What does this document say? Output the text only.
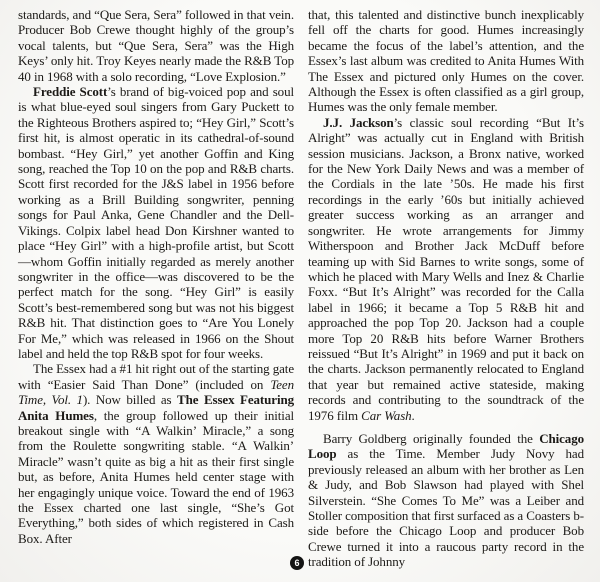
standards, and “Que Sera, Sera” followed in that vein. Producer Bob Crewe thought highly of the group’s vocal talents, but “Que Sera, Sera” was the High Keys’ only hit. Troy Keyes nearly made the R&B Top 40 in 1968 with a solo recording, “Love Explosion.”

Freddie Scott’s brand of big-voiced pop and soul is what blue-eyed soul singers from Gary Puckett to the Righteous Brothers aspired to; “Hey Girl,” Scott’s first hit, is almost operatic in its cathedral-of-sound bombast. “Hey Girl,” yet another Goffin and King song, reached the Top 10 on the pop and R&B charts. Scott first recorded for the J&S label in 1956 before working as a Brill Building songwriter, penning songs for Paul Anka, Gene Chandler and the Dell-Vikings. Colpix label head Don Kirshner wanted to place “Hey Girl” with a high-profile artist, but Scott—whom Goffin initially regarded as merely another songwriter in the office—was discovered to be the perfect match for the song. “Hey Girl” is easily Scott’s best-remembered song but was not his biggest R&B hit. That distinction goes to “Are You Lonely For Me,” which was released in 1966 on the Shout label and held the top R&B spot for four weeks.

The Essex had a #1 hit right out of the starting gate with “Easier Said Than Done” (included on Teen Time, Vol. 1). Now billed as The Essex Featuring Anita Humes, the group followed up their initial breakout single with “A Walkin’ Miracle,” a song from the Roulette songwriting stable. “A Walkin’ Miracle” wasn’t quite as big a hit as their first single but, as before, Anita Humes held center stage with her engagingly unique voice. Toward the end of 1963 the Essex charted one last single, “She’s Got Everything,” both sides of which registered in Cash Box. After

that, this talented and distinctive bunch inexplicably fell off the charts for good. Humes increasingly became the focus of the label’s attention, and the Essex’s last album was credited to Anita Humes With The Essex and pictured only Humes on the cover. Although the Essex is often classified as a girl group, Humes was the only female member.

J.J. Jackson’s classic soul recording “But It’s Alright” was actually cut in England with British session musicians. Jackson, a Bronx native, worked for the New York Daily News and was a member of the Cordials in the late ’50s. He made his first recordings in the early ’60s but initially achieved greater success working as an arranger and songwriter. He wrote arrangements for Jimmy Witherspoon and Brother Jack McDuff before teaming up with Sid Barnes to write songs, some of which he placed with Mary Wells and Inez & Charlie Foxx. “But It’s Alright” was recorded for the Calla label in 1966; it became a Top 5 R&B hit and approached the pop Top 20. Jackson had a couple more Top 20 R&B hits before Warner Brothers reissued “But It’s Alright” in 1969 and put it back on the charts. Jackson permanently relocated to England that year but remained active stateside, making records and contributing to the soundtrack of the 1976 film Car Wash.

Barry Goldberg originally founded the Chicago Loop as the Time. Member Judy Novy had previously released an album with her brother as Len & Judy, and Bob Slawson had played with Shel Silverstein. “She Comes To Me” was a Leiber and Stoller composition that first surfaced as a Coasters b-side before the Chicago Loop and producer Bob Crewe turned it into a raucous party record in the tradition of Johnny

6
